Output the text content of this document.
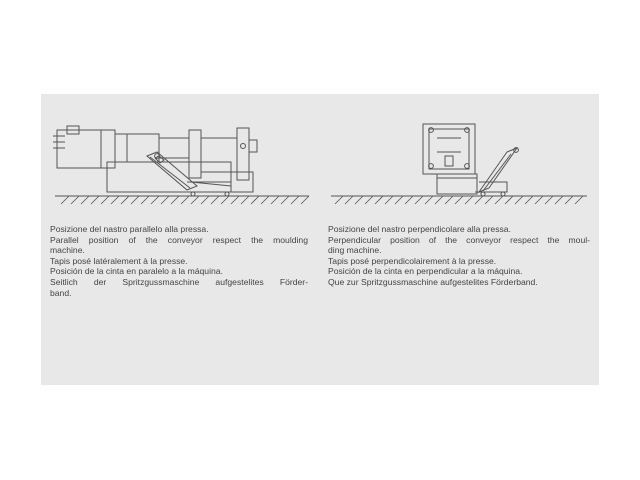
Posizione del nastro parallelo alla pressa.
Parallel position of the conveyor respect the moulding
machine.
Tapis posé latéralement à la presse.
Posición de la cinta en paralelo a la máquina.
Seitlich der Spritzgussmaschine aufgestelites Förder-
band.
Posizione del nastro perpendicolare alla pressa.
Perpendicular position of the conveyor respect the moul-
ding machine.
Tapis posé perpendicolairement à la presse.
Posición de la cinta en perpendicular a la máquina.
Que zur Spritzgussmaschine aufgestelites Förderband.
